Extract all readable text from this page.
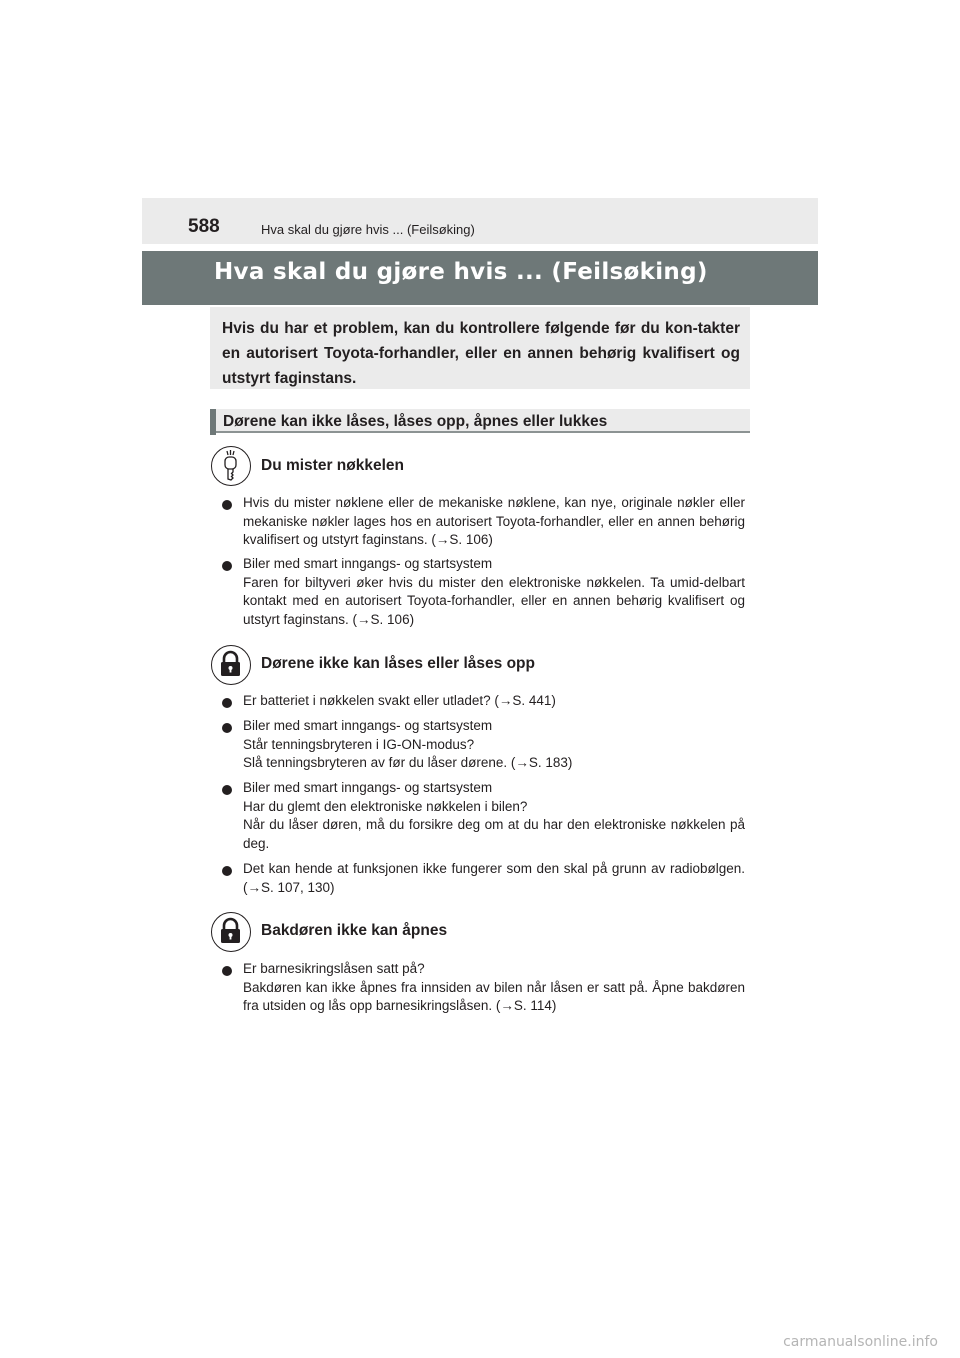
588	Hva skal du gjøre hvis ... (Feilsøking)
Hva skal du gjøre hvis ... (Feilsøking)
Hvis du har et problem, kan du kontrollere følgende før du kon-takter en autorisert Toyota-forhandler, eller en annen behørig kvalifisert og utstyrt faginstans.
Dørene kan ikke låses, låses opp, åpnes eller lukkes
Du mister nøkkelen
Hvis du mister nøklene eller de mekaniske nøklene, kan nye, originale nøkler eller mekaniske nøkler lages hos en autorisert Toyota-forhandler, eller en annen behørig kvalifisert og utstyrt faginstans. (→S. 106)
Biler med smart inngangs- og startsystem
Faren for biltyveri øker hvis du mister den elektroniske nøkkelen. Ta umid-delbart kontakt med en autorisert Toyota-forhandler, eller en annen behørig kvalifisert og utstyrt faginstans. (→S. 106)
Dørene ikke kan låses eller låses opp
Er batteriet i nøkkelen svakt eller utladet? (→S. 441)
Biler med smart inngangs- og startsystem
Står tenningsbryteren i IG-ON-modus?
Slå tenningsbryteren av før du låser dørene. (→S. 183)
Biler med smart inngangs- og startsystem
Har du glemt den elektroniske nøkkelen i bilen?
Når du låser døren, må du forsikre deg om at du har den elektroniske nøkkelen på deg.
Det kan hende at funksjonen ikke fungerer som den skal på grunn av radiobølgen. (→S. 107, 130)
Bakdøren ikke kan åpnes
Er barnesikringslåsen satt på?
Bakdøren kan ikke åpnes fra innsiden av bilen når låsen er satt på. Åpne bakdøren fra utsiden og lås opp barnesikringslåsen. (→S. 114)
carmanualsonline.info
